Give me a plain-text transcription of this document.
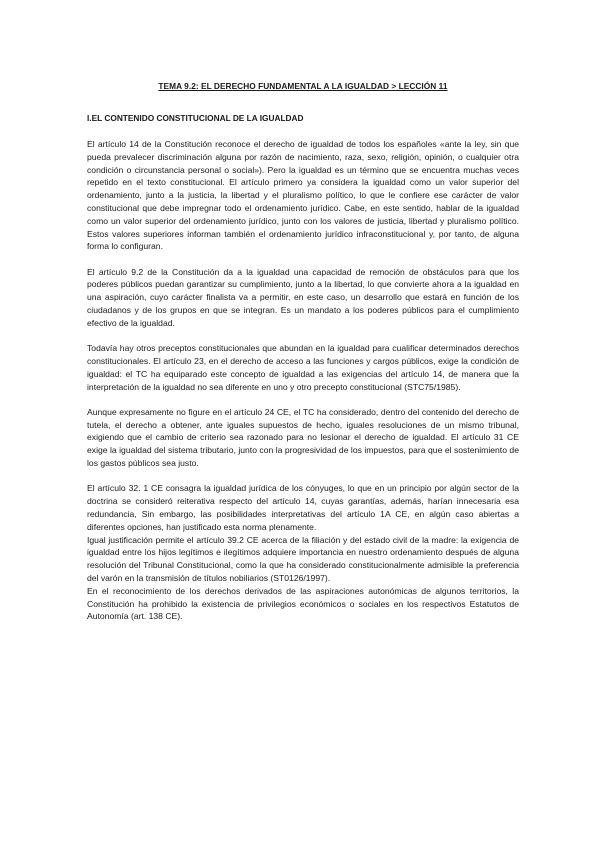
TEMA 9.2: EL DERECHO FUNDAMENTAL A LA IGUALDAD > LECCIÓN 11
I.EL CONTENIDO CONSTITUCIONAL DE LA IGUALDAD

El artículo 14 de la Constitución reconoce el derecho de igualdad de todos los españoles «ante la ley, sin que pueda prevalecer discriminación alguna por razón de nacimiento, raza, sexo, religión, opinión, o cualquier otra condición o circunstancia personal o social»). Pero la igualdad es un término que se encuentra muchas veces repetido en el texto constitucional. El artículo primero ya considera la igualdad como un valor superior del ordenamiento, junto a la justicia, la libertad y el pluralismo político, lo que le confiere ese carácter de valor constitucional que debe impregnar todo el ordenamiento jurídico. Cabe, en este sentido, hablar de la igualdad como un valor superior del ordenamiento jurídico, junto con los valores de justicia, libertad y pluralismo político. Estos valores superiores informan también el ordenamiento jurídico infraconstitucional y, por tanto, de alguna forma lo configuran.

El artículo 9.2 de la Constitución da a la igualdad una capacidad de remoción de obstáculos para que los poderes públicos puedan garantizar su cumplimiento, junto a la libertad, lo que convierte ahora a la igualdad en una aspiración, cuyo carácter finalista va a permitir, en este caso, un desarrollo que estará en función de los ciudadanos y de los grupos en que se integran. Es un mandato a los poderes públicos para el cumplimiento efectivo de la igualdad.

Todavía hay otros preceptos constitucionales que abundan en la igualdad para cualificar determinados derechos constitucionales. El artículo 23, en el derecho de acceso a las funciones y cargos públicos, exige la condición de igualdad: el TC ha equiparado este concepto de igualdad a las exigencias del artículo 14, de manera que la interpretación de la igualdad no sea diferente en uno y otro precepto constitucional (STC75/1985).

Aunque expresamente no figure en el artículo 24 CE, el TC ha considerado, dentro del contenido del derecho de tutela, el derecho a obtener, ante iguales supuestos de hecho, iguales resoluciones de un mismo tribunal, exigiendo que el cambio de criterio sea razonado para no lesionar el derecho de igualdad. El artículo 31 CE exige la igualdad del sistema tributario, junto con la progresividad de los impuestos, para que el sostenimiento de los gastos públicos sea justo.

El artículo 32. 1 CE consagra la igualdad jurídica de los cónyuges, lo que en un principio por algún sector de la doctrina se consideró reiterativa respecto del artículo 14, cuyas garantías, además, harían innecesaria esa redundancia, Sin embargo, las posibilidades interpretativas del artículo 1A CE, en algún caso abiertas a diferentes opciones, han justificado esta norma plenamente.

Igual justificación permite el artículo 39.2 CE acerca de la filiación y del estado civil de la madre: la exigencia de igualdad entre los hijos legítimos e ilegítimos adquiere importancia en nuestro ordenamiento después de alguna resolución del Tribunal Constitucional, como la que ha considerado constitucionalmente admisible la preferencia del varón en la transmisión de títulos nobiliarios (ST0126/1997).

En el reconocimiento de los derechos derivados de las aspiraciones autonómicas de algunos territorios, la Constitución ha prohibido la existencia de privilegios económicos o sociales en los respectivos Estatutos de Autonomía (art. 138 CE).
